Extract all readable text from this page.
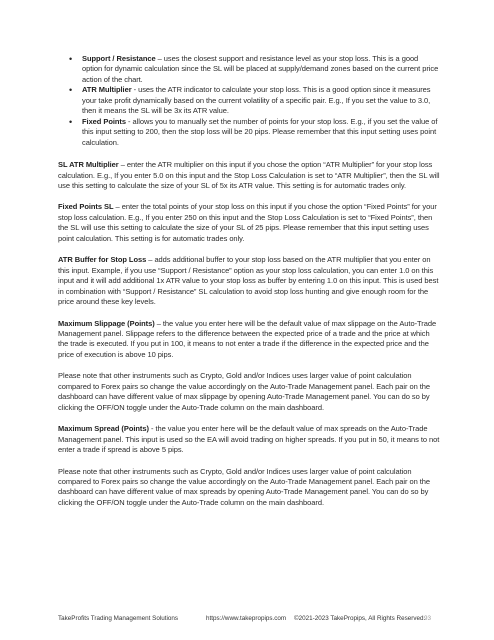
• Support / Resistance – uses the closest support and resistance level as your stop loss. This is a good option for dynamic calculation since the SL will be placed at supply/demand zones based on the current price action of the chart.
• ATR Multiplier - uses the ATR indicator to calculate your stop loss. This is a good option since it measures your take profit dynamically based on the current volatility of a specific pair. E.g., If you set the value to 3.0, then it means the SL will be 3x its ATR value.
• Fixed Points - allows you to manually set the number of points for your stop loss. E.g., if you set the value of this input setting to 200, then the stop loss will be 20 pips. Please remember that this input setting uses point calculation.

SL ATR Multiplier – enter the ATR multiplier on this input if you chose the option “ATR Multiplier” for your stop loss calculation. E.g., If you enter 5.0 on this input and the Stop Loss Calculation is set to “ATR Multiplier”, then the SL will use this setting to calculate the size of your SL of 5x its ATR value. This setting is for automatic trades only.

Fixed Points SL – enter the total points of your stop loss on this input if you chose the option “Fixed Points” for your stop loss calculation. E.g., If you enter 250 on this input and the Stop Loss Calculation is set to “Fixed Points”, then the SL will use this setting to calculate the size of your SL of 25 pips. Please remember that this input setting uses point calculation. This setting is for automatic trades only.

ATR Buffer for Stop Loss – adds additional buffer to your stop loss based on the ATR multiplier that you enter on this input. Example, if you use “Support / Resistance” option as your stop loss calculation, you can enter 1.0 on this input and it will add additional 1x ATR value to your stop loss as buffer by entering 1.0 on this input. This is used best in combination with “Support / Resistance” SL calculation to avoid stop loss hunting and give enough room for the price around these key levels.

Maximum Slippage (Points) – the value you enter here will be the default value of max slippage on the Auto-Trade Management panel. Slippage refers to the difference between the expected price of a trade and the price at which the trade is executed. If you put in 100, it means to not enter a trade if the difference in the expected price and the price of execution is above 10 pips.

Please note that other instruments such as Crypto, Gold and/or Indices uses larger value of point calculation compared to Forex pairs so change the value accordingly on the Auto-Trade Management panel. Each pair on the dashboard can have different value of max slippage by opening Auto-Trade Management panel. You can do so by clicking the OFF/ON toggle under the Auto-Trade column on the main dashboard.

Maximum Spread (Points) - the value you enter here will be the default value of max spreads on the Auto-Trade Management panel. This input is used so the EA will avoid trading on higher spreads. If you put in 50, it means to not enter a trade if spread is above 5 pips.

Please note that other instruments such as Crypto, Gold and/or Indices uses larger value of point calculation compared to Forex pairs so change the value accordingly on the Auto-Trade Management panel. Each pair on the dashboard can have different value of max spreads by opening Auto-Trade Management panel. You can do so by clicking the OFF/ON toggle under the Auto-Trade column on the main dashboard.

TakeProfits Trading Management Solutions	https://www.takepropips.com ©2021-2023 TakePropips, All Rights Reserved.
93
